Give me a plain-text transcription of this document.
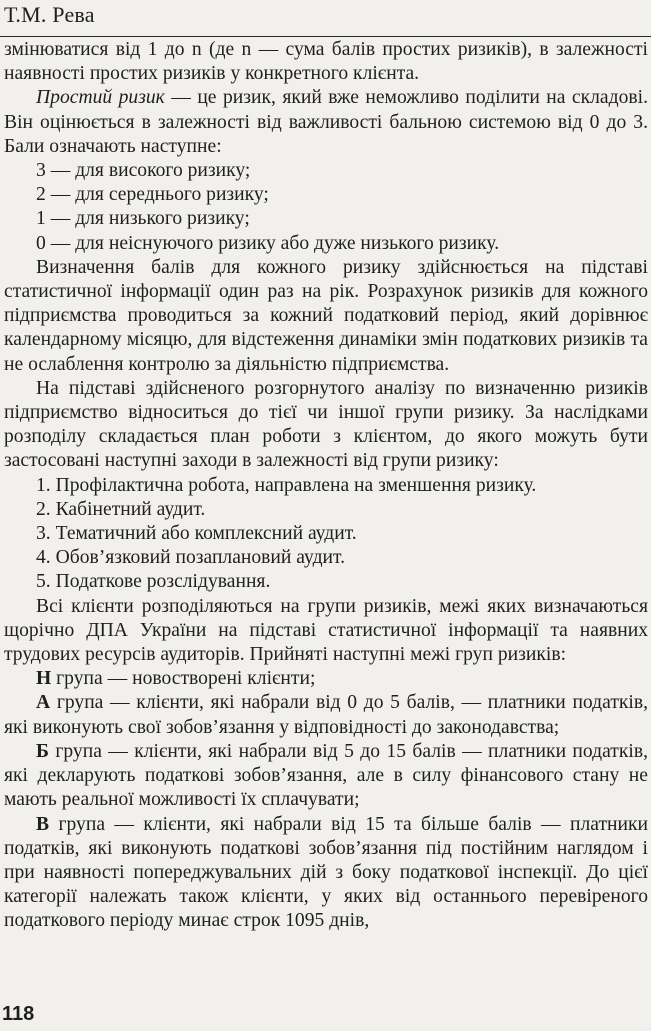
Т.М. Рева

змінюватися від 1 до n (де n — сума балів простих ризиків), в залежності наявності простих ризиків у конкретного клієнта.

Простий ризик — це ризик, який вже неможливо поділити на складові. Він оцінюється в залежності від важливості бальною системою від 0 до 3. Бали означають наступне:

3 — для високого ризику;

2 — для середнього ризику;

1 — для низького ризику;

0 — для неіснуючого ризику або дуже низького ризику.

Визначення балів для кожного ризику здійснюється на підставі статистичної інформації один раз на рік. Розрахунок ризиків для кожного підприємства проводиться за кожний податковий період, який дорівнює календарному місяцю, для відстеження динаміки змін податкових ризиків та не ослаблення контролю за діяльністю підприємства.

На підставі здійсненого розгорнутого аналізу по визначенню ризиків підприємство відноситься до тієї чи іншої групи ризику. За наслідками розподілу складається план роботи з клієнтом, до якого можуть бути застосовані наступні заходи в залежності від групи ризику:

1. Профілактична робота, направлена на зменшення ризику.

2. Кабінетний аудит.

3. Тематичний або комплексний аудит.

4. Обов’язковий позаплановий аудит.

5. Податкове розслідування.

Всі клієнти розподіляються на групи ризиків, межі яких визначаються щорічно ДПА України на підставі статистичної інформації та наявних трудових ресурсів аудиторів. Прийняті наступні межі груп ризиків:

Н група — новостворені клієнти;

А група — клієнти, які набрали від 0 до 5 балів, — платники податків, які виконують свої зобов’язання у відповідності до законодавства;

Б група — клієнти, які набрали від 5 до 15 балів — платники податків, які декларують податкові зобов’язання, але в силу фінансового стану не мають реальної можливості їх сплачувати;

В група — клієнти, які набрали від 15 та більше балів — платники податків, які виконують податкові зобов’язання під постійним наглядом і при наявності попереджувальних дій з боку податкової інспекції. До цієї категорії належать також клієнти, у яких від останнього перевіреного податкового періоду минає строк 1095 днів,

118
